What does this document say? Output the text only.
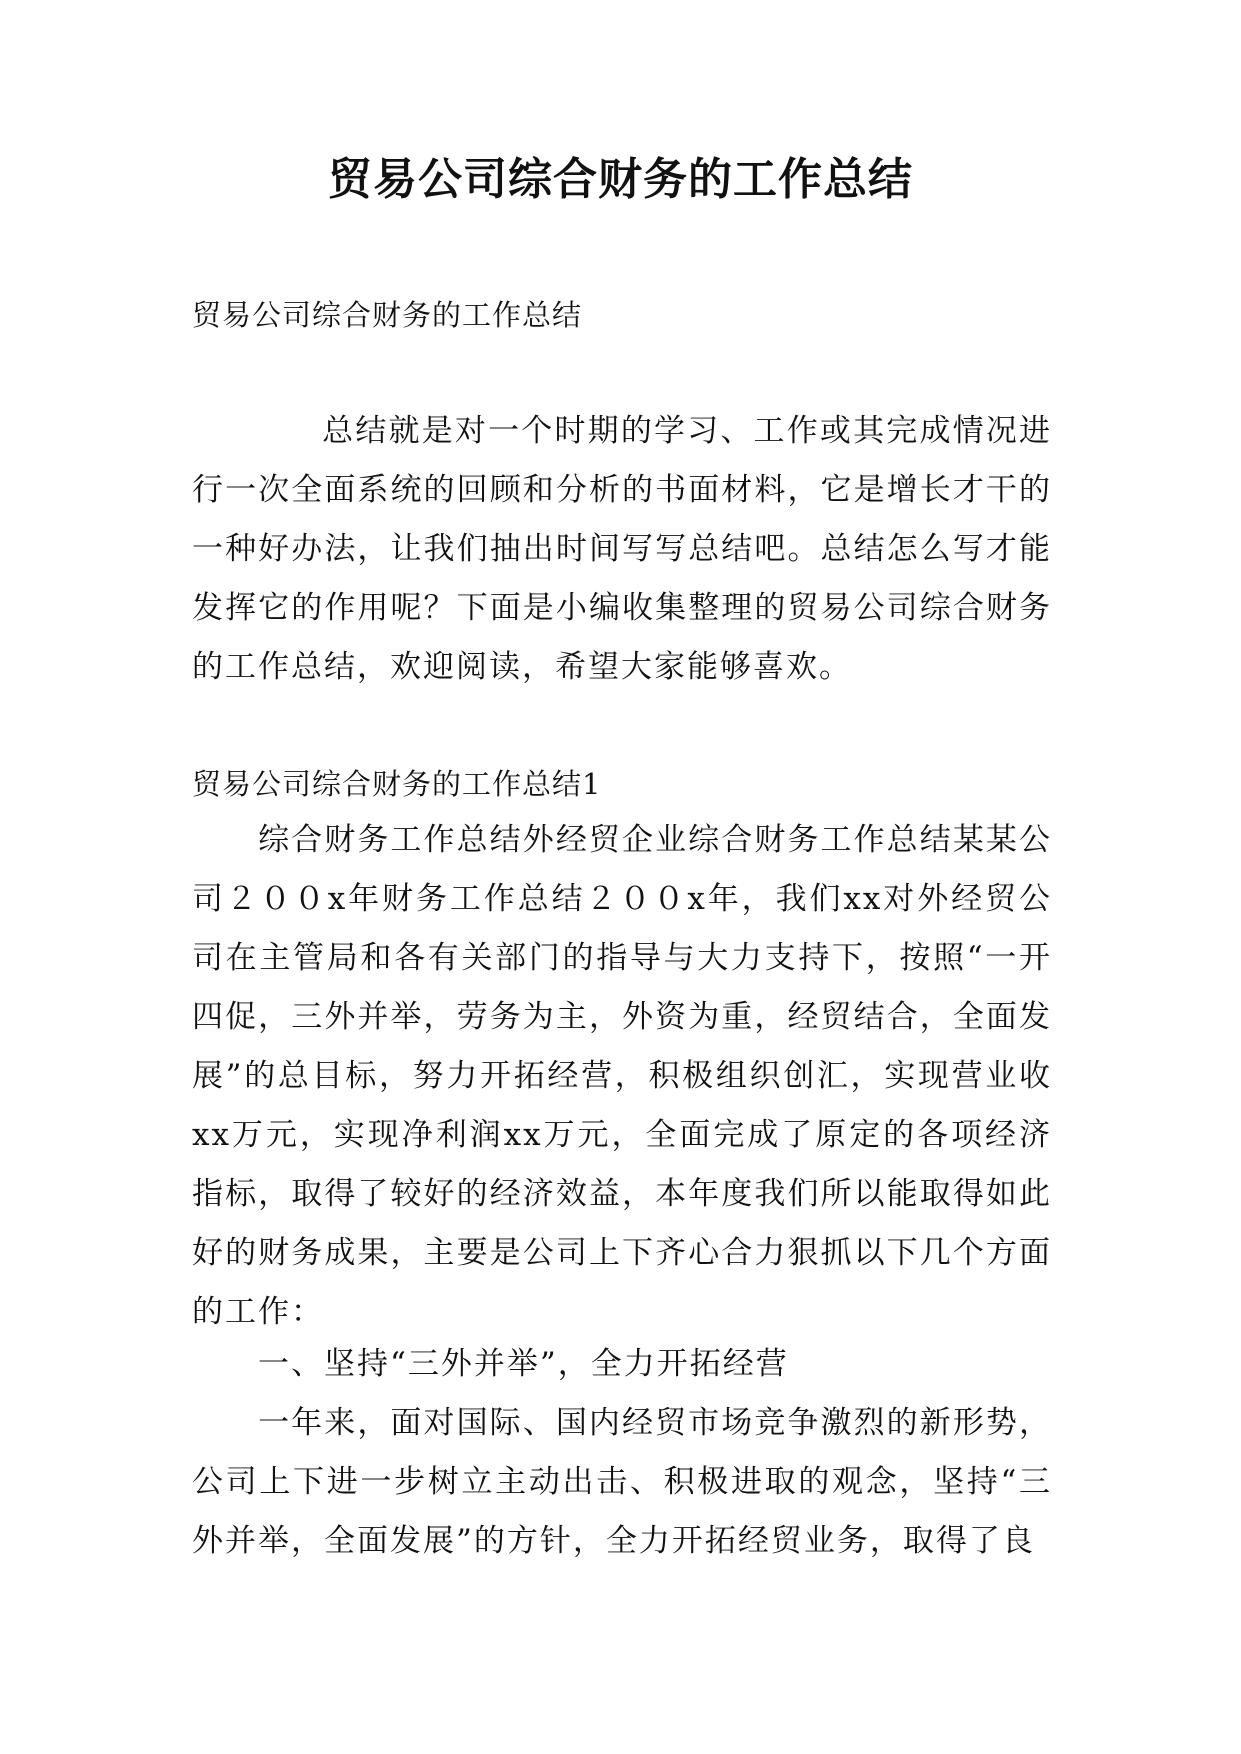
贸易公司综合财务的工作总结

贸易公司综合财务的工作总结

总结就是对一个时期的学习、工作或其完成情况进行一次全面系统的回顾和分析的书面材料，它是增长才干的一种好办法，让我们抽出时间写写总结吧。总结怎么写才能发挥它的作用呢？下面是小编收集整理的贸易公司综合财务的工作总结，欢迎阅读，希望大家能够喜欢。

贸易公司综合财务的工作总结1

综合财务工作总结外经贸企业综合财务工作总结某某公司２００x年财务工作总结２００x年，我们xx对外经贸公司在主管局和各有关部门的指导与大力支持下，按照“一开四促，三外并举，劳务为主，外资为重，经贸结合，全面发展”的总目标，努力开拓经营，积极组织创汇，实现营业收xx万元，实现净利润xx万元，全面完成了原定的各项经济指标，取得了较好的经济效益，本年度我们所以能取得如此好的财务成果，主要是公司上下齐心合力狠抓以下几个方面的工作：

一、坚持“三外并举”，全力开拓经营

一年来，面对国际、国内经贸市场竞争激烈的新形势，公司上下进一步树立主动出击、积极进取的观念，坚持“三外并举，全面发展”的方针，全力开拓经贸业务，取得了良
